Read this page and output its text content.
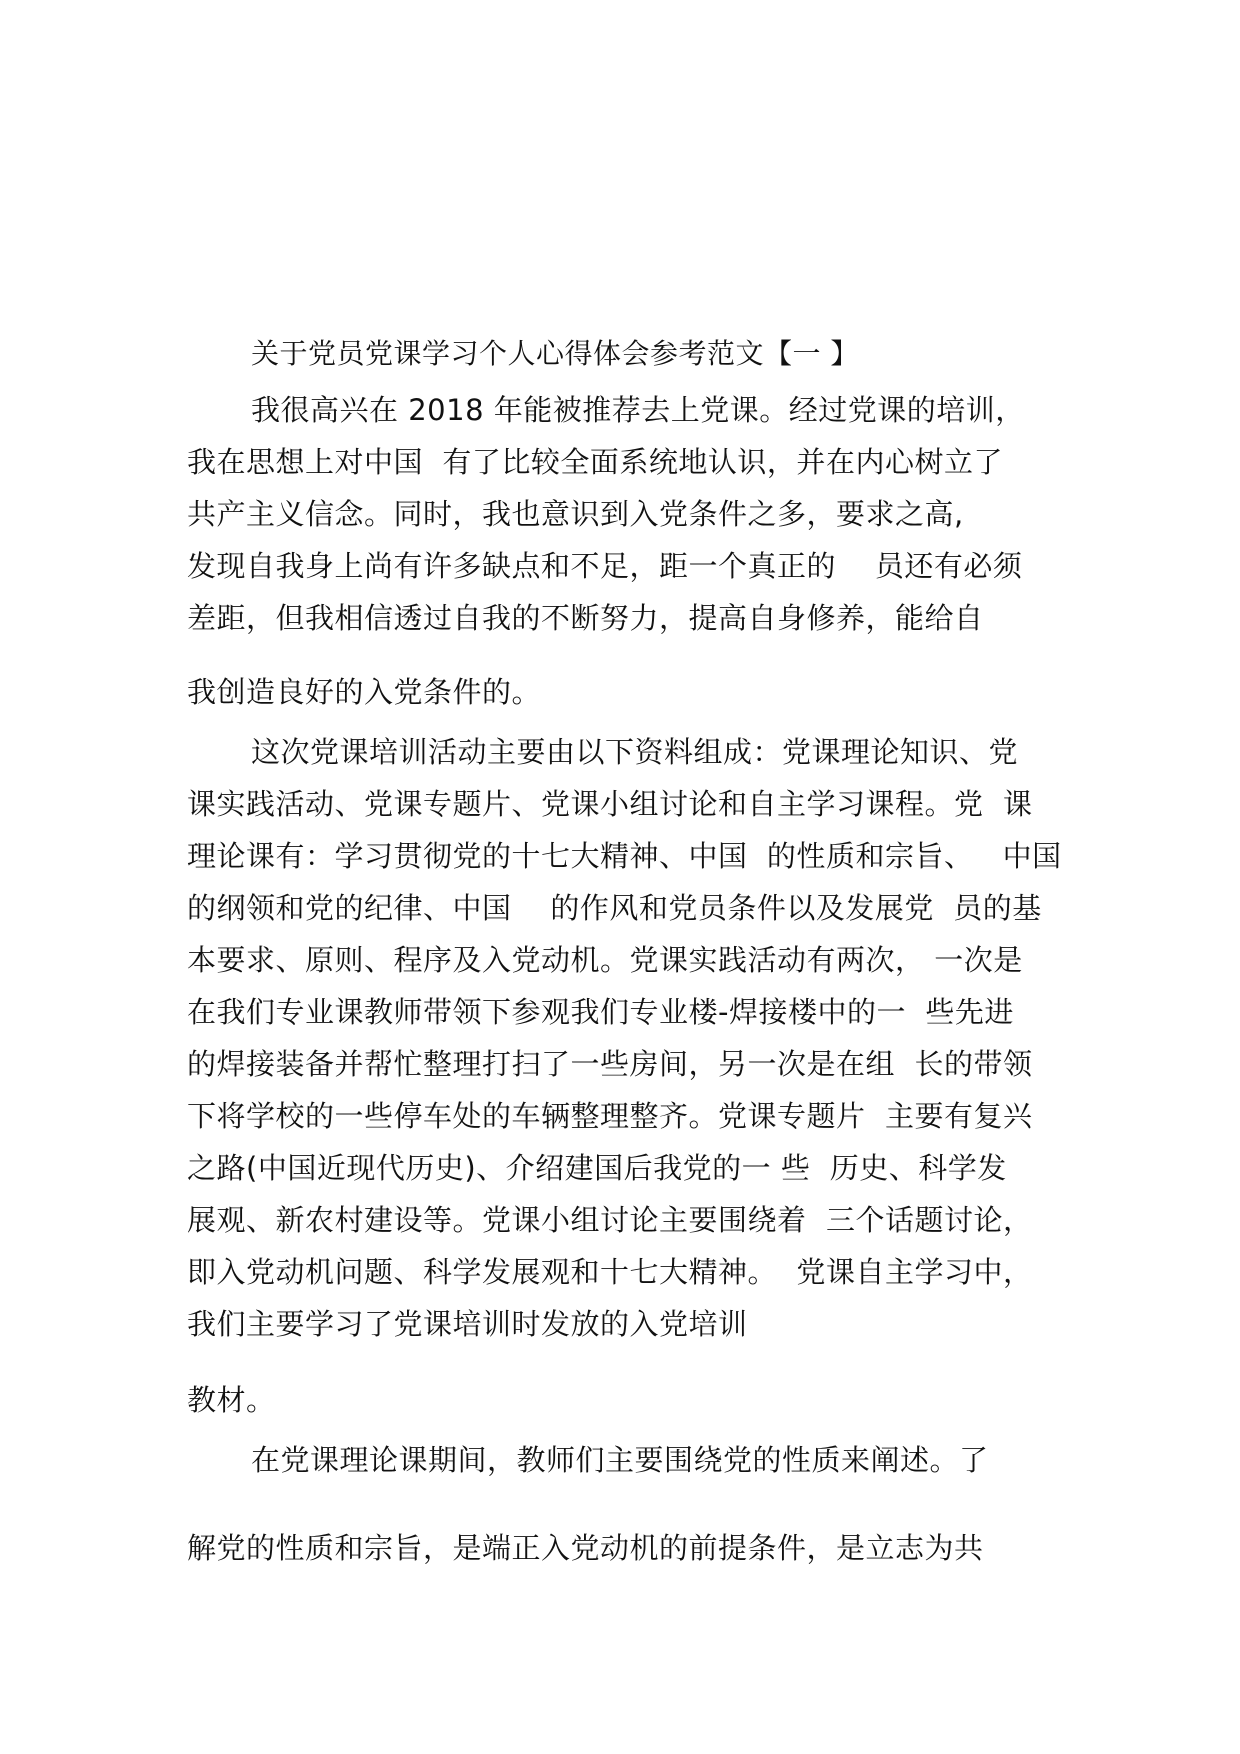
关于党员党课学习个人心得体会参考范文【一 】
我很高兴在 2018 年能被推荐去上党课。经过党课的培训，
我在思想上对中国  有了比较全面系统地认识，并在内心树立了
共产主义信念。同时，我也意识到入党条件之多，要求之高,
发现自我身上尚有许多缺点和不足，距一个真正的    员还有必须
差距，但我相信透过自我的不断努力，提高自身修养，能给自
我创造良好的入党条件的。
这次党课培训活动主要由以下资料组成：党课理论知识、党
课实践活动、党课专题片、党课小组讨论和自主学习课程。党  课
理论课有：学习贯彻党的十七大精神、中国  的性质和宗旨、   中国
的纲领和党的纪律、中国    的作风和党员条件以及发展党  员的基
本要求、原则、程序及入党动机。党课实践活动有两次， 一次是
在我们专业课教师带领下参观我们专业楼-焊接楼中的一  些先进
的焊接装备并帮忙整理打扫了一些房间，另一次是在组  长的带领
下将学校的一些停车处的车辆整理整齐。党课专题片  主要有复兴
之路(中国近现代历史)、介绍建国后我党的一 些  历史、科学发
展观、新农村建设等。党课小组讨论主要围绕着  三个话题讨论，
即入党动机问题、科学发展观和十七大精神。  党课自主学习中，
我们主要学习了党课培训时发放的入党培训
教材。
在党课理论课期间，教师们主要围绕党的性质来阐述。了
解党的性质和宗旨，是端正入党动机的前提条件，是立志为共
